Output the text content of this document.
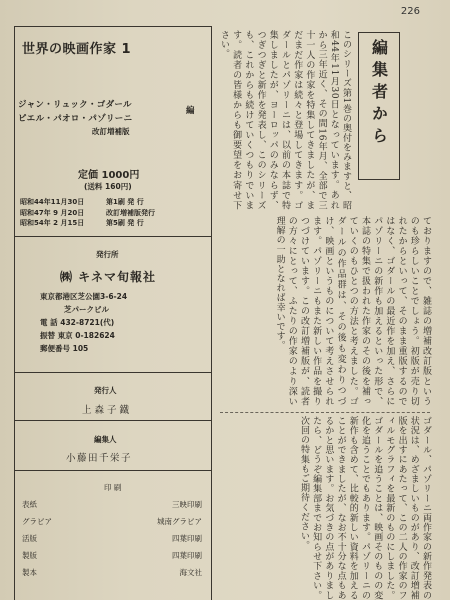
226
世界の映画作家 1
ジャン・リュック・ゴダール
ピエル・パオロ・パゾリーニ
編
改訂増補版
定価 1000円
(送料 160円)
昭和44年11月30日	第1刷 発 行
昭和47年 9 月20日	改訂増補版発行
昭和54年 2 月15日	第5刷 発 行
発行所
㈱ キネマ旬報社
東京都港区芝公園3-6-24
芝パークビル
電 話 432-8721(代)
振替 東京 0-182624
郵便番号 105
発行人
上森子鐵
編集人
小藤田千栄子
印 刷
表紙	三映印刷
グラビア	城南グラビア
活版	四葉印刷
製版	四葉印刷
製本	海文社
編集者から
このシリーズ第1巻の奥付をみますと、昭和44年11月30日となっています。あれから三年近く、その間16年月、全部で三十一人の作家を特集してきましたが、まだまだ作家は続々と登場してきます。ゴダールとパゾリーニは、以前の本誌で特集しましたが、ヨーロッパのみならず、つぎつぎと新作を発表し、このシリーズも、これからも続けていくつもりでいます。読者の皆様からも御要望をお寄せ下さい。
ておりますので、雑誌の増補改訂版というのも珍らしいことでしょう。初版が売り切れたからといって、そのまま重版するのではなく、ゴダールの最近作を加え、さらにパゾリーニの新作も加えるといった形で、本誌の特集で扱われた作家のその後を補っていくのもひとつの方法と考えました。ゴダールの作品群は、その後も変わりつづけ、映画というものについて考えさせられます。パゾリーニもまた新しい作品を撮りつづけています。この改訂増補版が、読者の方々にとって、ふたりの作家のより深い理解の一助となれば幸いです。
ゴダール、パゾリーニ両作家の新作発表の状況は、めざましいものがあり、改訂増補版を出すにあたって、この二人の作家のフィルモグラフィを最新のものにしました。ゴダールを追うことは、映画そのものの変化を追うことでもあります。パゾリーニの新作も含めて、比較的新しい資料を加えることができましたが、なお不十分な点もあるかと思います。お気づきの点がありましたら、どうぞ編集部までお知らせ下さい。次回の特集もご期待ください。
